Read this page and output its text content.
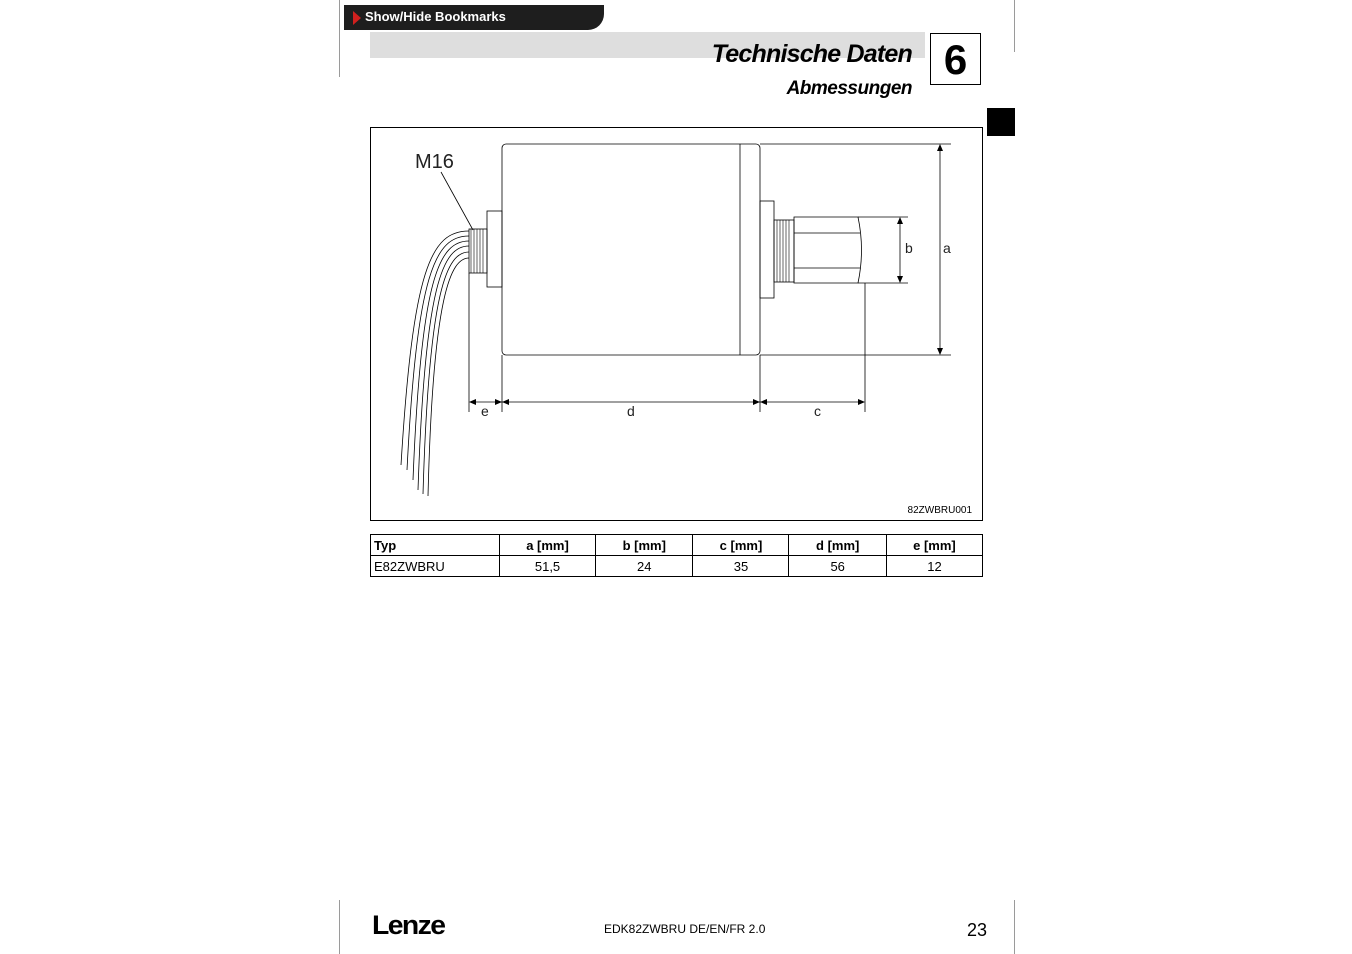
Show/Hide Bookmarks
Technische Daten
Abmessungen
6
M16
a
b
c
d
e
82ZWBRU001
Typ	a [mm]	b [mm]	c [mm]	d [mm]	e [mm]
E82ZWBRU	51,5	24	35	56	12
Lenze	EDK82ZWBRU DE/EN/FR 2.0	23
